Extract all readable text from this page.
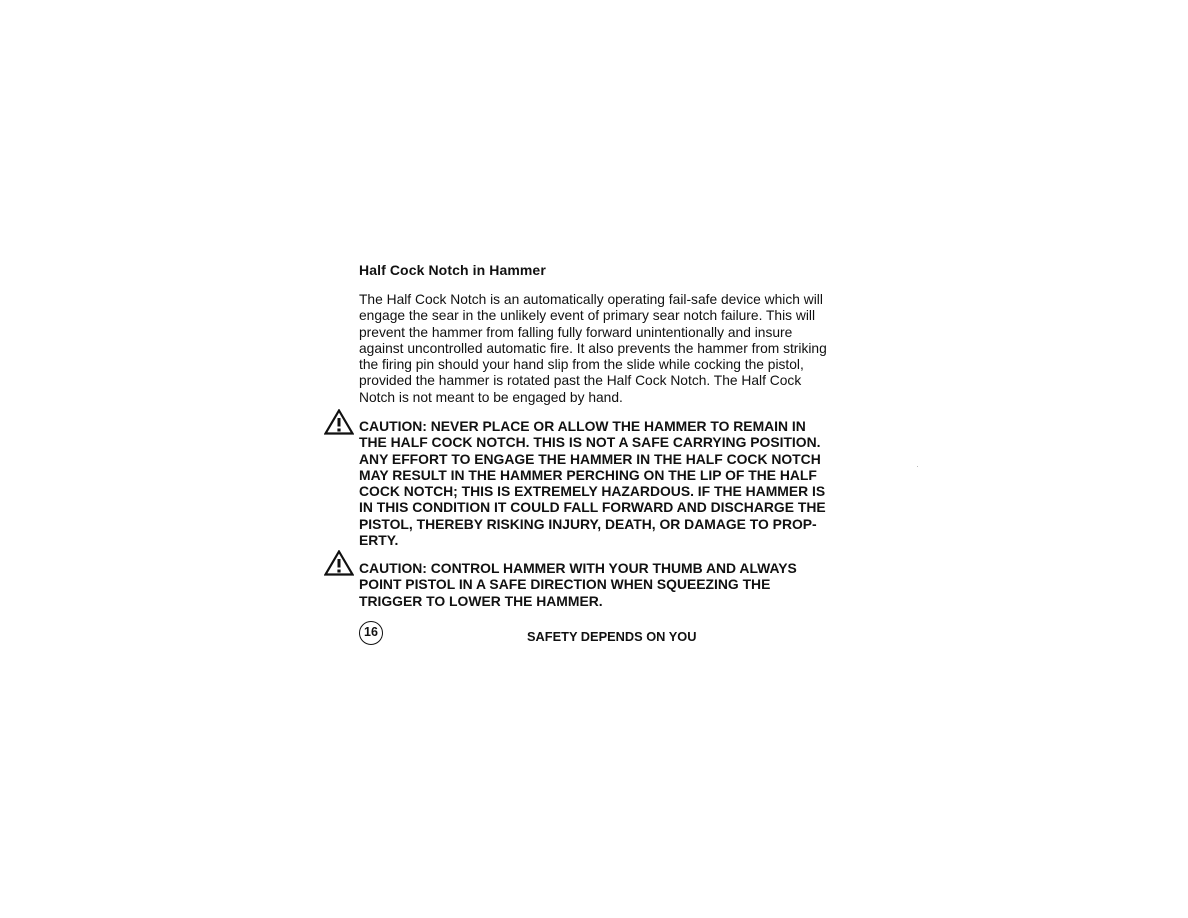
Half Cock Notch in Hammer
The Half Cock Notch is an automatically operating fail-safe device which will
engage the sear in the unlikely event of primary sear notch failure. This will
prevent the hammer from falling fully forward unintentionally and insure
against uncontrolled automatic fire. It also prevents the hammer from striking
the firing pin should your hand slip from the slide while cocking the pistol,
provided the hammer is rotated past the Half Cock Notch. The Half Cock
Notch is not meant to be engaged by hand.
CAUTION: NEVER PLACE OR ALLOW THE HAMMER TO REMAIN IN
THE HALF COCK NOTCH. THIS IS NOT A SAFE CARRYING POSITION.
ANY EFFORT TO ENGAGE THE HAMMER IN THE HALF COCK NOTCH
MAY RESULT IN THE HAMMER PERCHING ON THE LIP OF THE HALF
COCK NOTCH; THIS IS EXTREMELY HAZARDOUS. IF THE HAMMER IS
IN THIS CONDITION IT COULD FALL FORWARD AND DISCHARGE THE
PISTOL, THEREBY RISKING INJURY, DEATH, OR DAMAGE TO PROP-
ERTY.
CAUTION: CONTROL HAMMER WITH YOUR THUMB AND ALWAYS
POINT PISTOL IN A SAFE DIRECTION WHEN SQUEEZING THE
TRIGGER TO LOWER THE HAMMER.
16	SAFETY DEPENDS ON YOU
